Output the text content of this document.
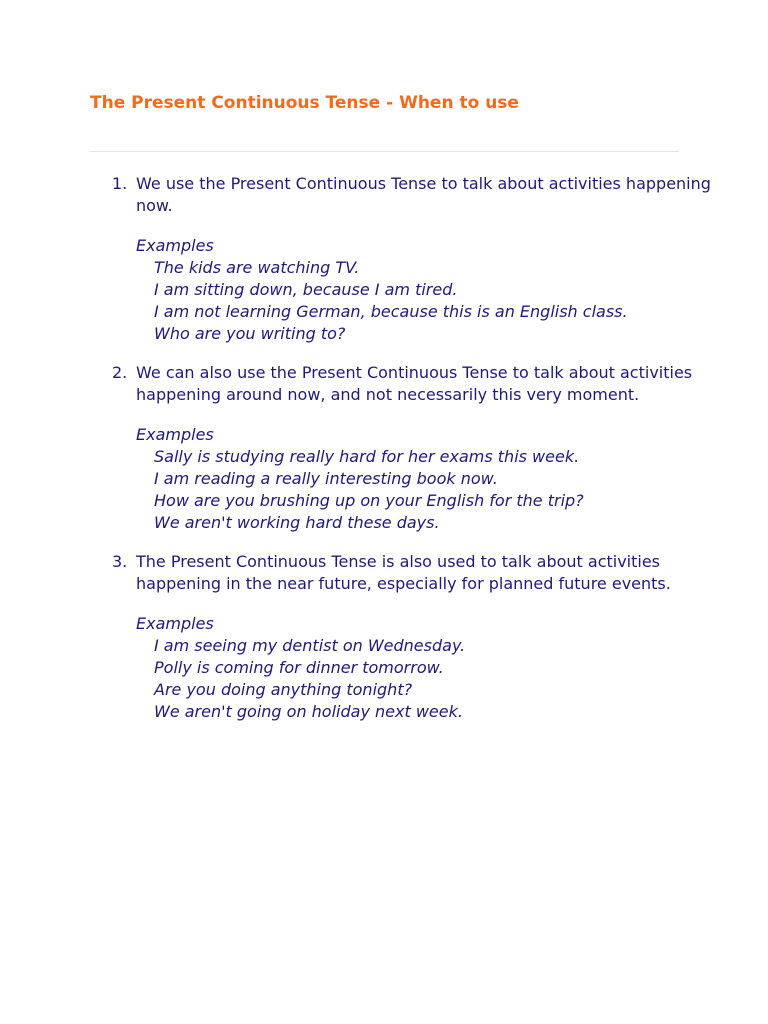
The Present Continuous Tense - When to use
1. We use the Present Continuous Tense to talk about activities happening now.
Examples
The kids are watching TV.
I am sitting down, because I am tired.
I am not learning German, because this is an English class.
Who are you writing to?
2. We can also use the Present Continuous Tense to talk about activities happening around now, and not necessarily this very moment.
Examples
Sally is studying really hard for her exams this week.
I am reading a really interesting book now.
How are you brushing up on your English for the trip?
We aren't working hard these days.
3. The Present Continuous Tense is also used to talk about activities happening in the near future, especially for planned future events.
Examples
I am seeing my dentist on Wednesday.
Polly is coming for dinner tomorrow.
Are you doing anything tonight?
We aren't going on holiday next week.
